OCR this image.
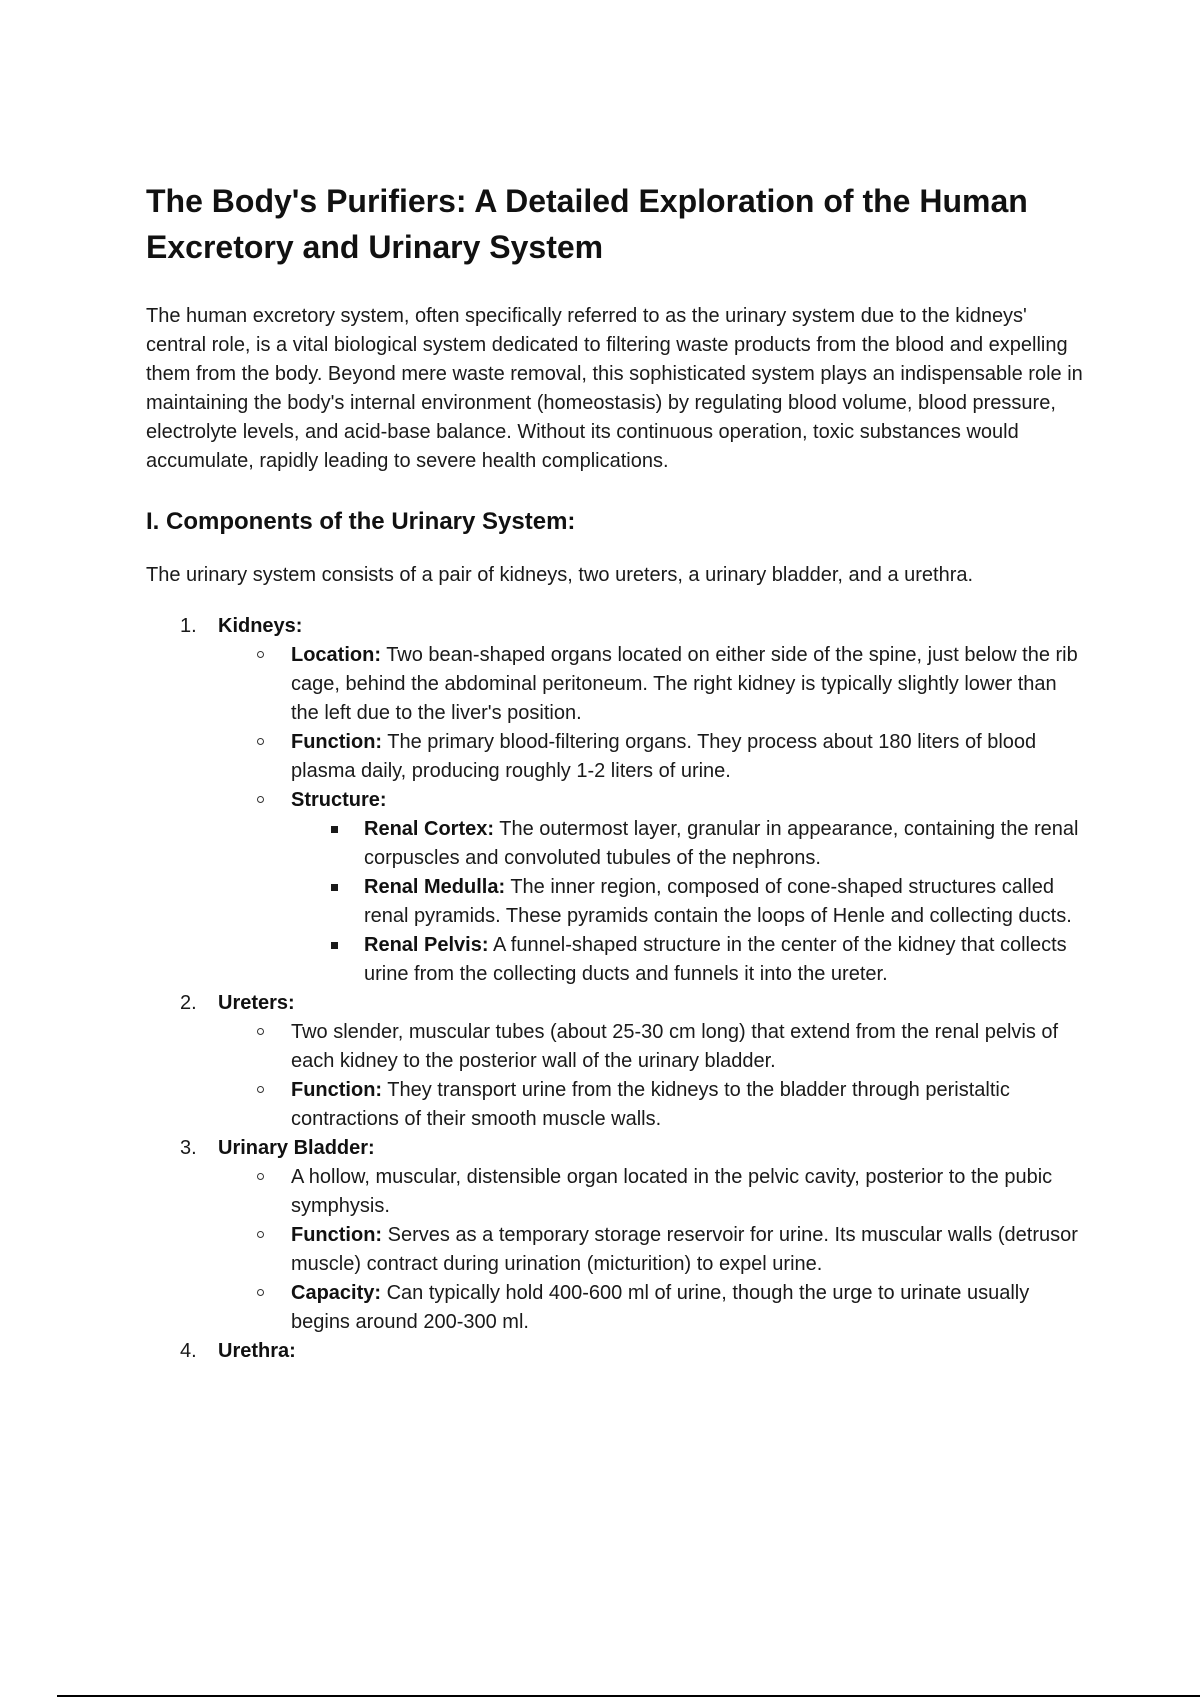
The Body's Purifiers: A Detailed Exploration of the Human Excretory and Urinary System

The human excretory system, often specifically referred to as the urinary system due to the kidneys' central role, is a vital biological system dedicated to filtering waste products from the blood and expelling them from the body. Beyond mere waste removal, this sophisticated system plays an indispensable role in maintaining the body's internal environment (homeostasis) by regulating blood volume, blood pressure, electrolyte levels, and acid-base balance. Without its continuous operation, toxic substances would accumulate, rapidly leading to severe health complications.

I. Components of the Urinary System:

The urinary system consists of a pair of kidneys, two ureters, a urinary bladder, and a urethra.

1. Kidneys:
Location: Two bean-shaped organs located on either side of the spine, just below the rib cage, behind the abdominal peritoneum. The right kidney is typically slightly lower than the left due to the liver's position.
Function: The primary blood-filtering organs. They process about 180 liters of blood plasma daily, producing roughly 1-2 liters of urine.
Structure:
Renal Cortex: The outermost layer, granular in appearance, containing the renal corpuscles and convoluted tubules of the nephrons.
Renal Medulla: The inner region, composed of cone-shaped structures called renal pyramids. These pyramids contain the loops of Henle and collecting ducts.
Renal Pelvis: A funnel-shaped structure in the center of the kidney that collects urine from the collecting ducts and funnels it into the ureter.
2. Ureters:
Two slender, muscular tubes (about 25-30 cm long) that extend from the renal pelvis of each kidney to the posterior wall of the urinary bladder.
Function: They transport urine from the kidneys to the bladder through peristaltic contractions of their smooth muscle walls.
3. Urinary Bladder:
A hollow, muscular, distensible organ located in the pelvic cavity, posterior to the pubic symphysis.
Function: Serves as a temporary storage reservoir for urine. Its muscular walls (detrusor muscle) contract during urination (micturition) to expel urine.
Capacity: Can typically hold 400-600 ml of urine, though the urge to urinate usually begins around 200-300 ml.
4. Urethra:
